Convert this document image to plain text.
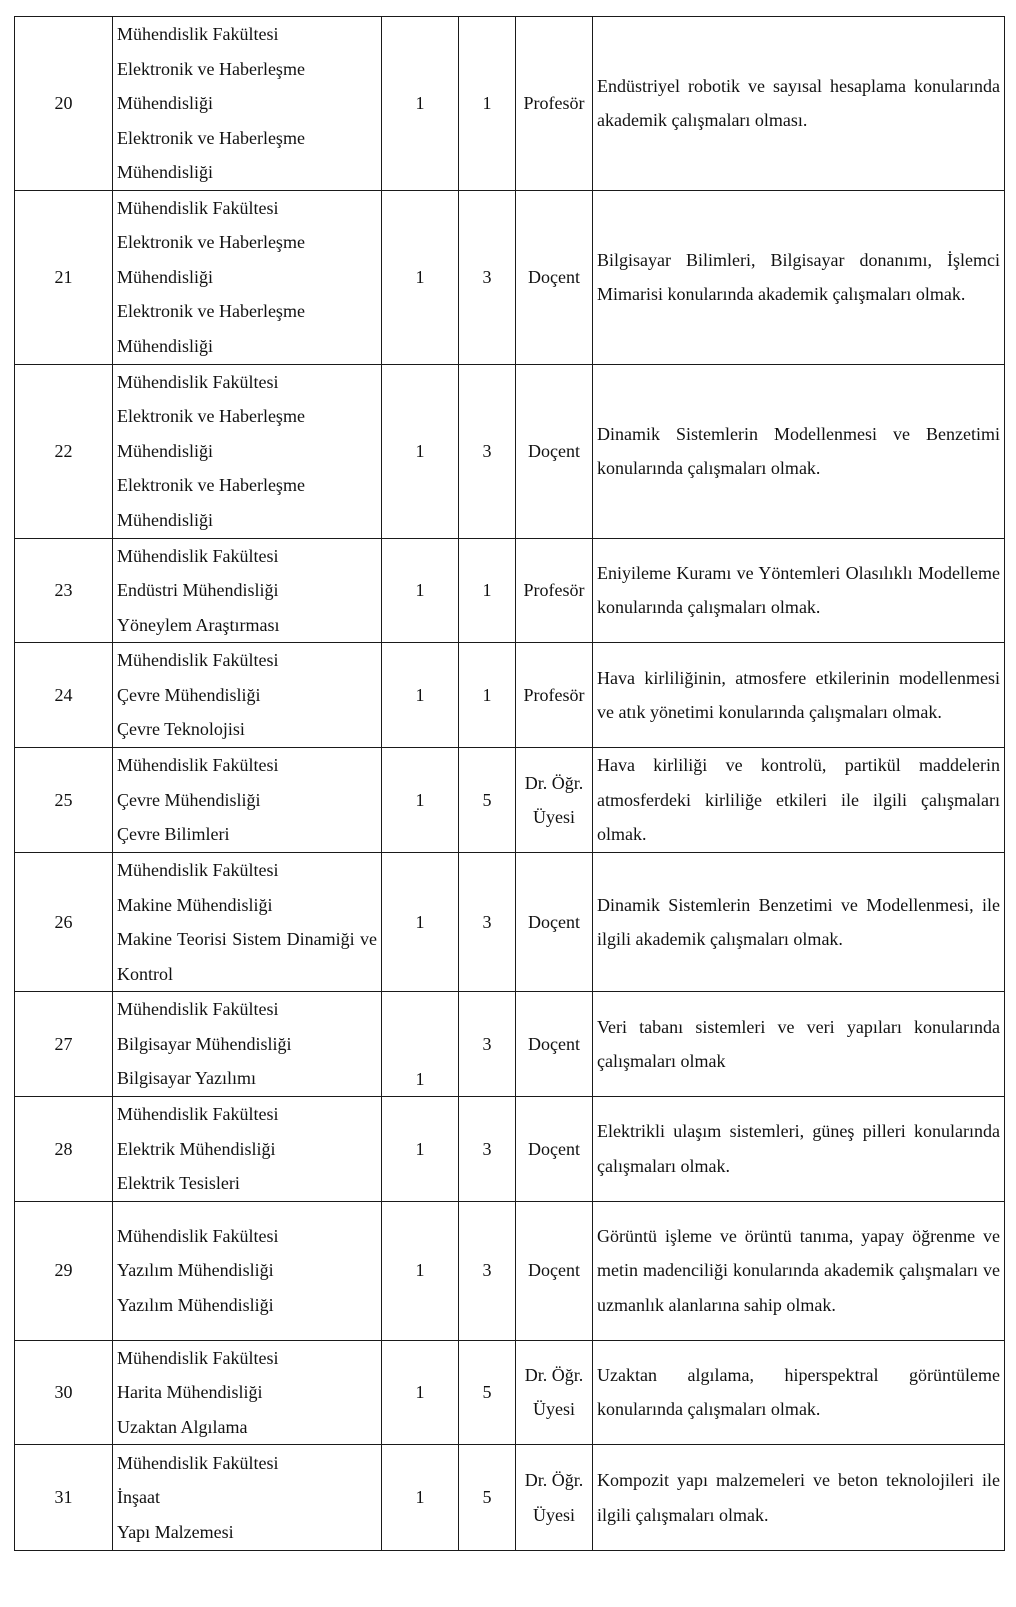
20	Mühendislik Fakültesi
Elektronik ve Haberleşme
Mühendisliği
Elektronik ve Haberleşme
Mühendisliği	1	1	Profesör	Endüstriyel robotik ve sayısal hesaplama konularında akademik çalışmaları olması.
21	Mühendislik Fakültesi
Elektronik ve Haberleşme
Mühendisliği
Elektronik ve Haberleşme
Mühendisliği	1	3	Doçent	Bilgisayar Bilimleri, Bilgisayar donanımı, İşlemci Mimarisi konularında akademik çalışmaları olmak.
22	Mühendislik Fakültesi
Elektronik ve Haberleşme
Mühendisliği
Elektronik ve Haberleşme
Mühendisliği	1	3	Doçent	Dinamik Sistemlerin Modellenmesi ve Benzetimi konularında çalışmaları olmak.
23	Mühendislik Fakültesi
Endüstri Mühendisliği
Yöneylem Araştırması	1	1	Profesör	Eniyileme Kuramı ve Yöntemleri Olasılıklı Modelleme konularında çalışmaları olmak.
24	Mühendislik Fakültesi
Çevre Mühendisliği
Çevre Teknolojisi	1	1	Profesör	Hava kirliliğinin, atmosfere etkilerinin modellenmesi ve atık yönetimi konularında çalışmaları olmak.
25	Mühendislik Fakültesi
Çevre Mühendisliği
Çevre Bilimleri	1	5	Dr. Öğr. Üyesi	Hava kirliliği ve kontrolü, partikül maddelerin atmosferdeki kirliliğe etkileri ile ilgili çalışmaları olmak.
26	Mühendislik Fakültesi
Makine Mühendisliği
Makine Teorisi Sistem Dinamiği ve Kontrol	1	3	Doçent	Dinamik Sistemlerin Benzetimi ve Modellenmesi, ile ilgili akademik çalışmaları olmak.
27	Mühendislik Fakültesi
Bilgisayar Mühendisliği
Bilgisayar Yazılımı	1	3	Doçent	Veri tabanı sistemleri ve veri yapıları konularında çalışmaları olmak
28	Mühendislik Fakültesi
Elektrik Mühendisliği
Elektrik Tesisleri	1	3	Doçent	Elektrikli ulaşım sistemleri, güneş pilleri konularında çalışmaları olmak.
29	Mühendislik Fakültesi
Yazılım Mühendisliği
Yazılım Mühendisliği	1	3	Doçent	Görüntü işleme ve örüntü tanıma, yapay öğrenme ve metin madenciliği konularında akademik çalışmaları ve uzmanlık alanlarına sahip olmak.
30	Mühendislik Fakültesi
Harita Mühendisliği
Uzaktan Algılama	1	5	Dr. Öğr. Üyesi	Uzaktan algılama, hiperspektral görüntüleme konularında çalışmaları olmak.
31	Mühendislik Fakültesi
İnşaat
Yapı Malzemesi	1	5	Dr. Öğr. Üyesi	Kompozit yapı malzemeleri ve beton teknolojileri ile ilgili çalışmaları olmak.
